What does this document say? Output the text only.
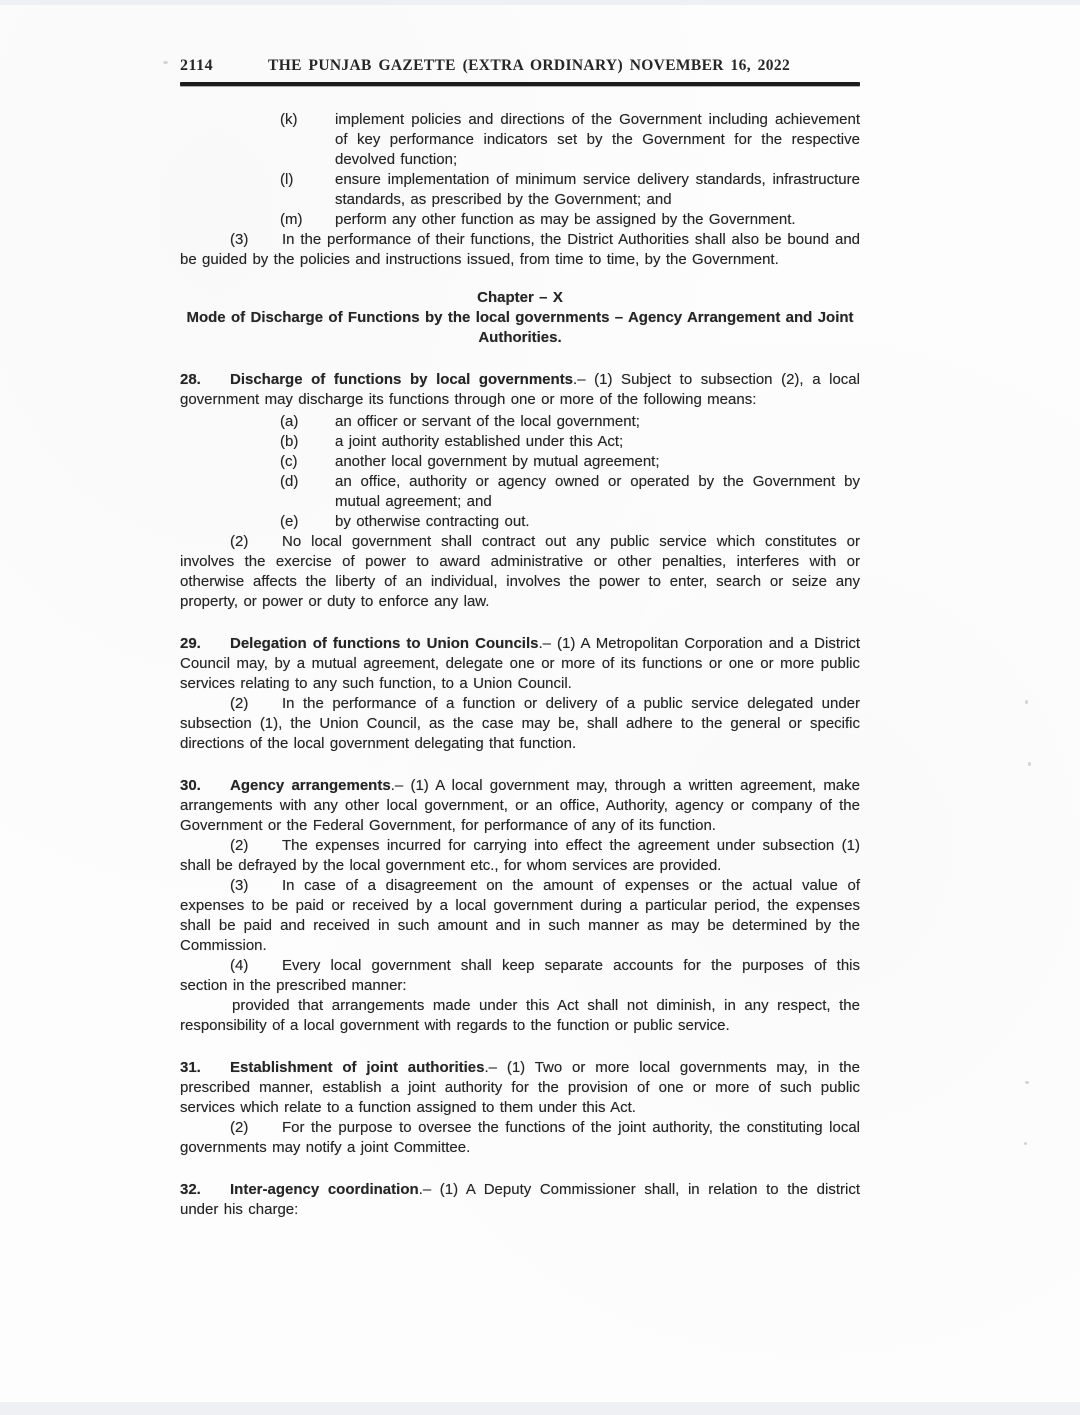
2114	THE PUNJAB GAZETTE (EXTRA ORDINARY) NOVEMBER 16, 2022
(k)	implement policies and directions of the Government including achievement of key performance indicators set by the Government for the respective devolved function;
(l)	ensure implementation of minimum service delivery standards, infrastructure standards, as prescribed by the Government; and
(m)	perform any other function as may be assigned by the Government.

(3) In the performance of their functions, the District Authorities shall also be bound and be guided by the policies and instructions issued, from time to time, by the Government.

Chapter – X
Mode of Discharge of Functions by the local governments – Agency Arrangement and Joint Authorities.

28. Discharge of functions by local governments.– (1) Subject to subsection (2), a local government may discharge its functions through one or more of the following means:

(a)	an officer or servant of the local government;
(b)	a joint authority established under this Act;
(c)	another local government by mutual agreement;
(d)	an office, authority or agency owned or operated by the Government by mutual agreement; and
(e)	by otherwise contracting out.

(2) No local government shall contract out any public service which constitutes or involves the exercise of power to award administrative or other penalties, interferes with or otherwise affects the liberty of an individual, involves the power to enter, search or seize any property, or power or duty to enforce any law.

29. Delegation of functions to Union Councils.– (1) A Metropolitan Corporation and a District Council may, by a mutual agreement, delegate one or more of its functions or one or more public services relating to any such function, to a Union Council.

(2) In the performance of a function or delivery of a public service delegated under subsection (1), the Union Council, as the case may be, shall adhere to the general or specific directions of the local government delegating that function.

30. Agency arrangements.– (1) A local government may, through a written agreement, make arrangements with any other local government, or an office, Authority, agency or company of the Government or the Federal Government, for performance of any of its function.

(2) The expenses incurred for carrying into effect the agreement under subsection (1) shall be defrayed by the local government etc., for whom services are provided.

(3) In case of a disagreement on the amount of expenses or the actual value of expenses to be paid or received by a local government during a particular period, the expenses shall be paid and received in such amount and in such manner as may be determined by the Commission.

(4) Every local government shall keep separate accounts for the purposes of this section in the prescribed manner:

provided that arrangements made under this Act shall not diminish, in any respect, the responsibility of a local government with regards to the function or public service.

31. Establishment of joint authorities.– (1) Two or more local governments may, in the prescribed manner, establish a joint authority for the provision of one or more of such public services which relate to a function assigned to them under this Act.

(2) For the purpose to oversee the functions of the joint authority, the constituting local governments may notify a joint Committee.

32. Inter-agency coordination.– (1) A Deputy Commissioner shall, in relation to the district under his charge:
